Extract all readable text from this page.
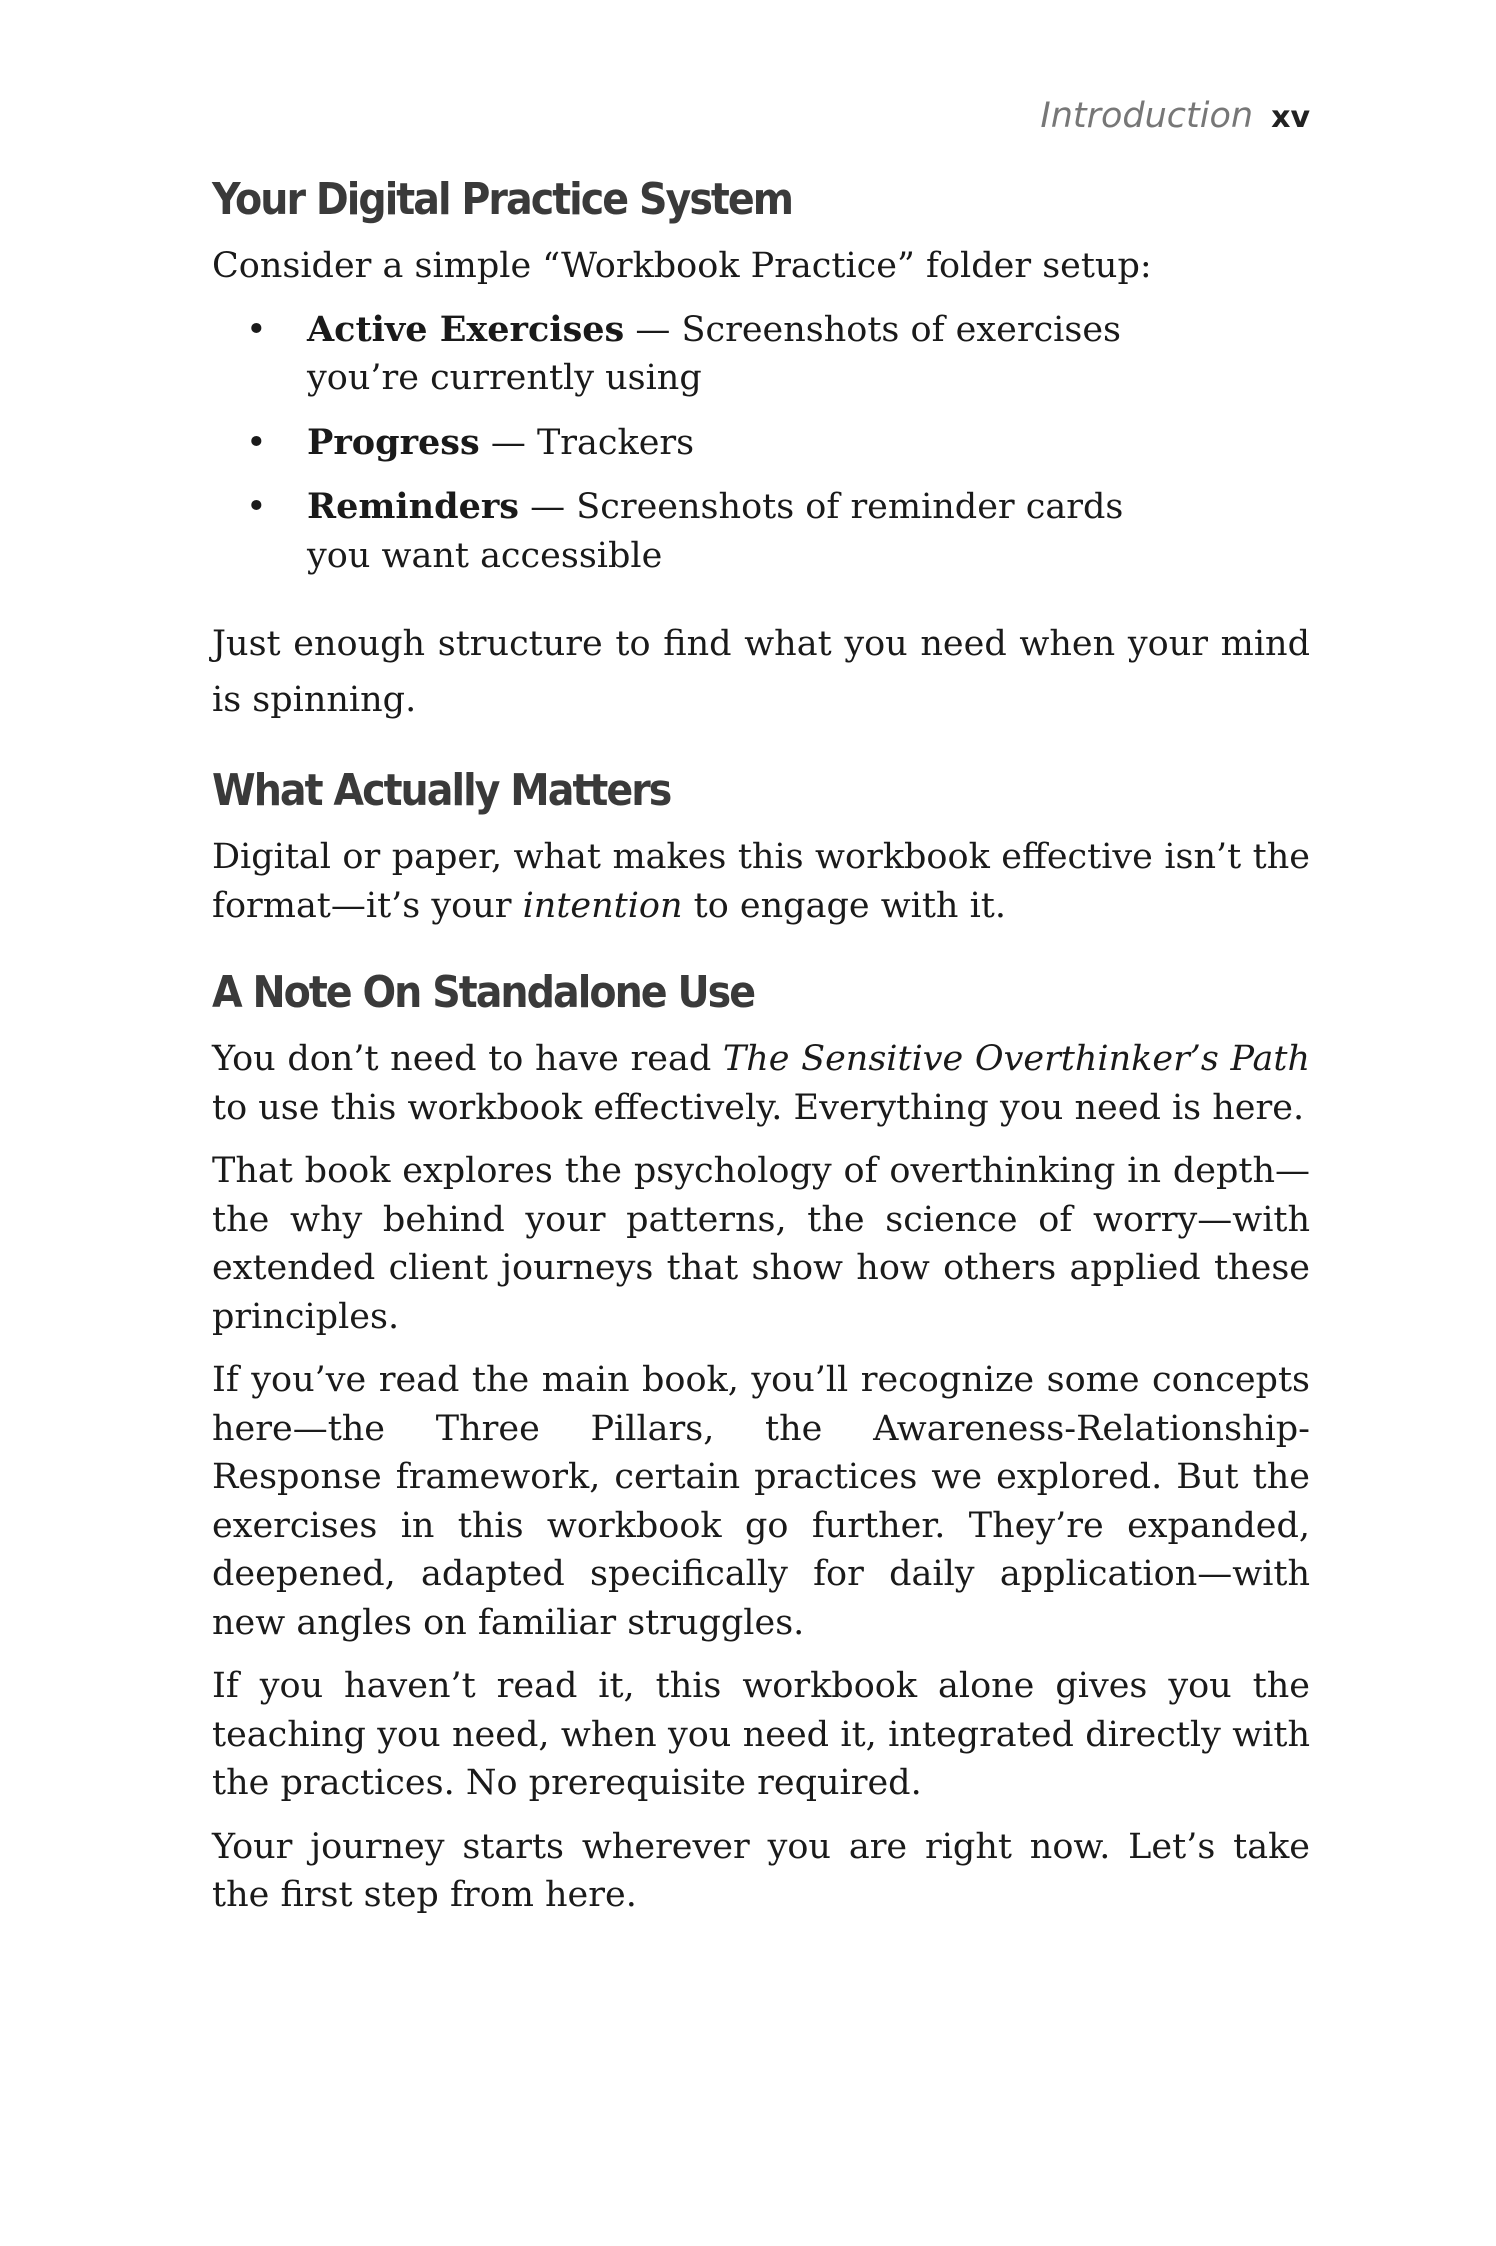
Introduction xv
Your Digital Practice System

Consider a simple “Workbook Practice” folder setup:

• Active Exercises — Screenshots of exercises you’re currently using
• Progress — Trackers
• Reminders — Screenshots of reminder cards you want accessible

Just enough structure to find what you need when your mind is spinning.

What Actually Matters

Digital or paper, what makes this workbook effective isn’t the format—it’s your intention to engage with it.

A Note On Standalone Use

You don’t need to have read The Sensitive Overthinker’s Path to use this workbook effectively. Everything you need is here.

That book explores the psychology of overthinking in depth—the why behind your patterns, the science of worry—with extended client journeys that show how others applied these principles.

If you’ve read the main book, you’ll recognize some concepts here—the Three Pillars, the Awareness-Relationship-Response framework, certain practices we explored. But the exercises in this workbook go further. They’re expanded, deepened, adapted specifically for daily application—with new angles on familiar struggles.

If you haven’t read it, this workbook alone gives you the teaching you need, when you need it, integrated directly with the practices. No prerequisite required.

Your journey starts wherever you are right now. Let’s take the first step from here.
